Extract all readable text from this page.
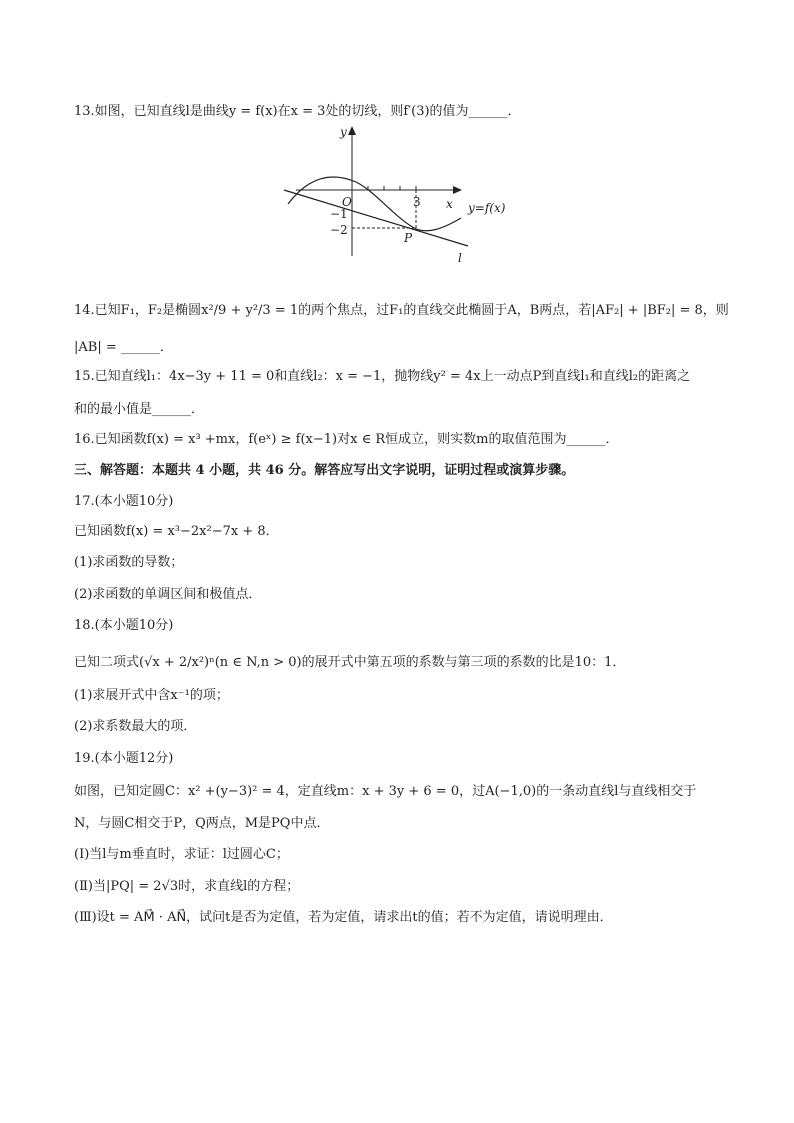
13.如图，已知直线l是曲线y = f(x)在x = 3处的切线，则f′(3)的值为______．
y
x
O	3
−1
−2
P
l
y=f(x)
14.已知F₁，F₂是椭圆x²/9 + y²/3 = 1的两个焦点，过F₁的直线交此椭圆于A，B两点，若|AF₂| + |BF₂| = 8，则
|AB| = ______．
15.已知直线l₁：4x−3y + 11 = 0和直线l₂：x = −1，抛物线y² = 4x上一动点P到直线l₁和直线l₂的距离之
和的最小值是______．
16.已知函数f(x) = x³ +mx，f(eˣ) ≥ f(x−1)对x ∈ R恒成立，则实数m的取值范围为______．
三、解答题：本题共 4 小题，共 46 分。解答应写出文字说明，证明过程或演算步骤。
17.(本小题10分)
已知函数f(x) = x³−2x²−7x + 8．
(1)求函数的导数；
(2)求函数的单调区间和极值点．
18.(本小题10分)
已知二项式(√x + 2/x²)ⁿ(n ∈ N,n > 0)的展开式中第五项的系数与第三项的系数的比是10：1．
(1)求展开式中含x⁻¹的项；
(2)求系数最大的项．
19.(本小题12分)
如图，已知定圆C：x² +(y−3)² = 4，定直线m：x + 3y + 6 = 0，过A(−1,0)的一条动直线l与直线相交于
N，与圆C相交于P，Q两点，M是PQ中点．
(Ⅰ)当l与m垂直时，求证：l过圆心C；
(Ⅱ)当|PQ| = 2√3时，求直线l的方程；
(Ⅲ)设t = AM⃗ · AN⃗，试问t是否为定值，若为定值，请求出t的值；若不为定值，请说明理由．
